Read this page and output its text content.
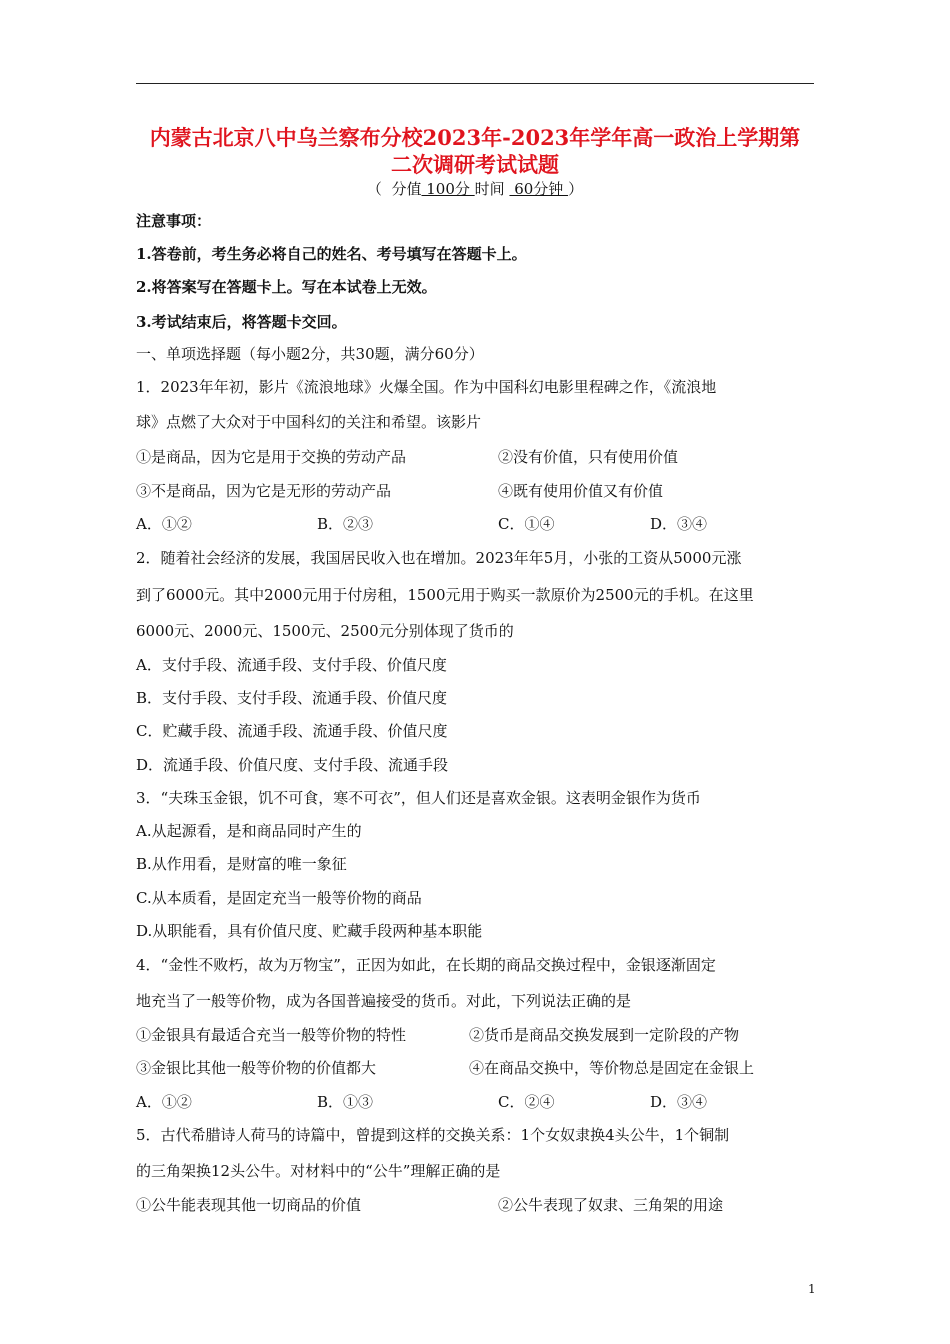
内蒙古北京八中乌兰察布分校2023年-2023年学年高一政治上学期第
二次调研考试试题
（ 分值 100分 时间  60分钟 ）
注意事项：
1.答卷前，考生务必将自己的姓名、考号填写在答题卡上。
2.将答案写在答题卡上。写在本试卷上无效。
3.考试结束后，将答题卡交回。
一、单项选择题（每小题2分，共30题，满分60分）
1．2023年年初，影片《流浪地球》火爆全国。作为中国科幻电影里程碑之作，《流浪地
球》点燃了大众对于中国科幻的关注和希望。该影片
①是商品，因为它是用于交换的劳动产品	②没有价值，只有使用价值
③不是商品，因为它是无形的劳动产品	④既有使用价值又有价值
A．①②	B．②③	C．①④	D．③④
2．随着社会经济的发展，我国居民收入也在增加。2023年年5月，小张的工资从5000元涨
到了6000元。其中2000元用于付房租，1500元用于购买一款原价为2500元的手机。在这里
6000元、2000元、1500元、2500元分别体现了货币的
A．支付手段、流通手段、支付手段、价值尺度
B．支付手段、支付手段、流通手段、价值尺度
C．贮藏手段、流通手段、流通手段、价值尺度
D．流通手段、价值尺度、支付手段、流通手段
3．“夫珠玉金银，饥不可食，寒不可衣”，但人们还是喜欢金银。这表明金银作为货币
A.从起源看，是和商品同时产生的
B.从作用看，是财富的唯一象征
C.从本质看，是固定充当一般等价物的商品
D.从职能看，具有价值尺度、贮藏手段两种基本职能
4．“金性不败朽，故为万物宝”，正因为如此，在长期的商品交换过程中，金银逐渐固定
地充当了一般等价物，成为各国普遍接受的货币。对此，下列说法正确的是
①金银具有最适合充当一般等价物的特性	②货币是商品交换发展到一定阶段的产物
③金银比其他一般等价物的价值都大	④在商品交换中，等价物总是固定在金银上
A．①②	B．①③	C．②④	D．③④
5．古代希腊诗人荷马的诗篇中，曾提到这样的交换关系：1个女奴隶换4头公牛，1个铜制
的三角架换12头公牛。对材料中的“公牛”理解正确的是
①公牛能表现其他一切商品的价值	②公牛表现了奴隶、三角架的用途
1
